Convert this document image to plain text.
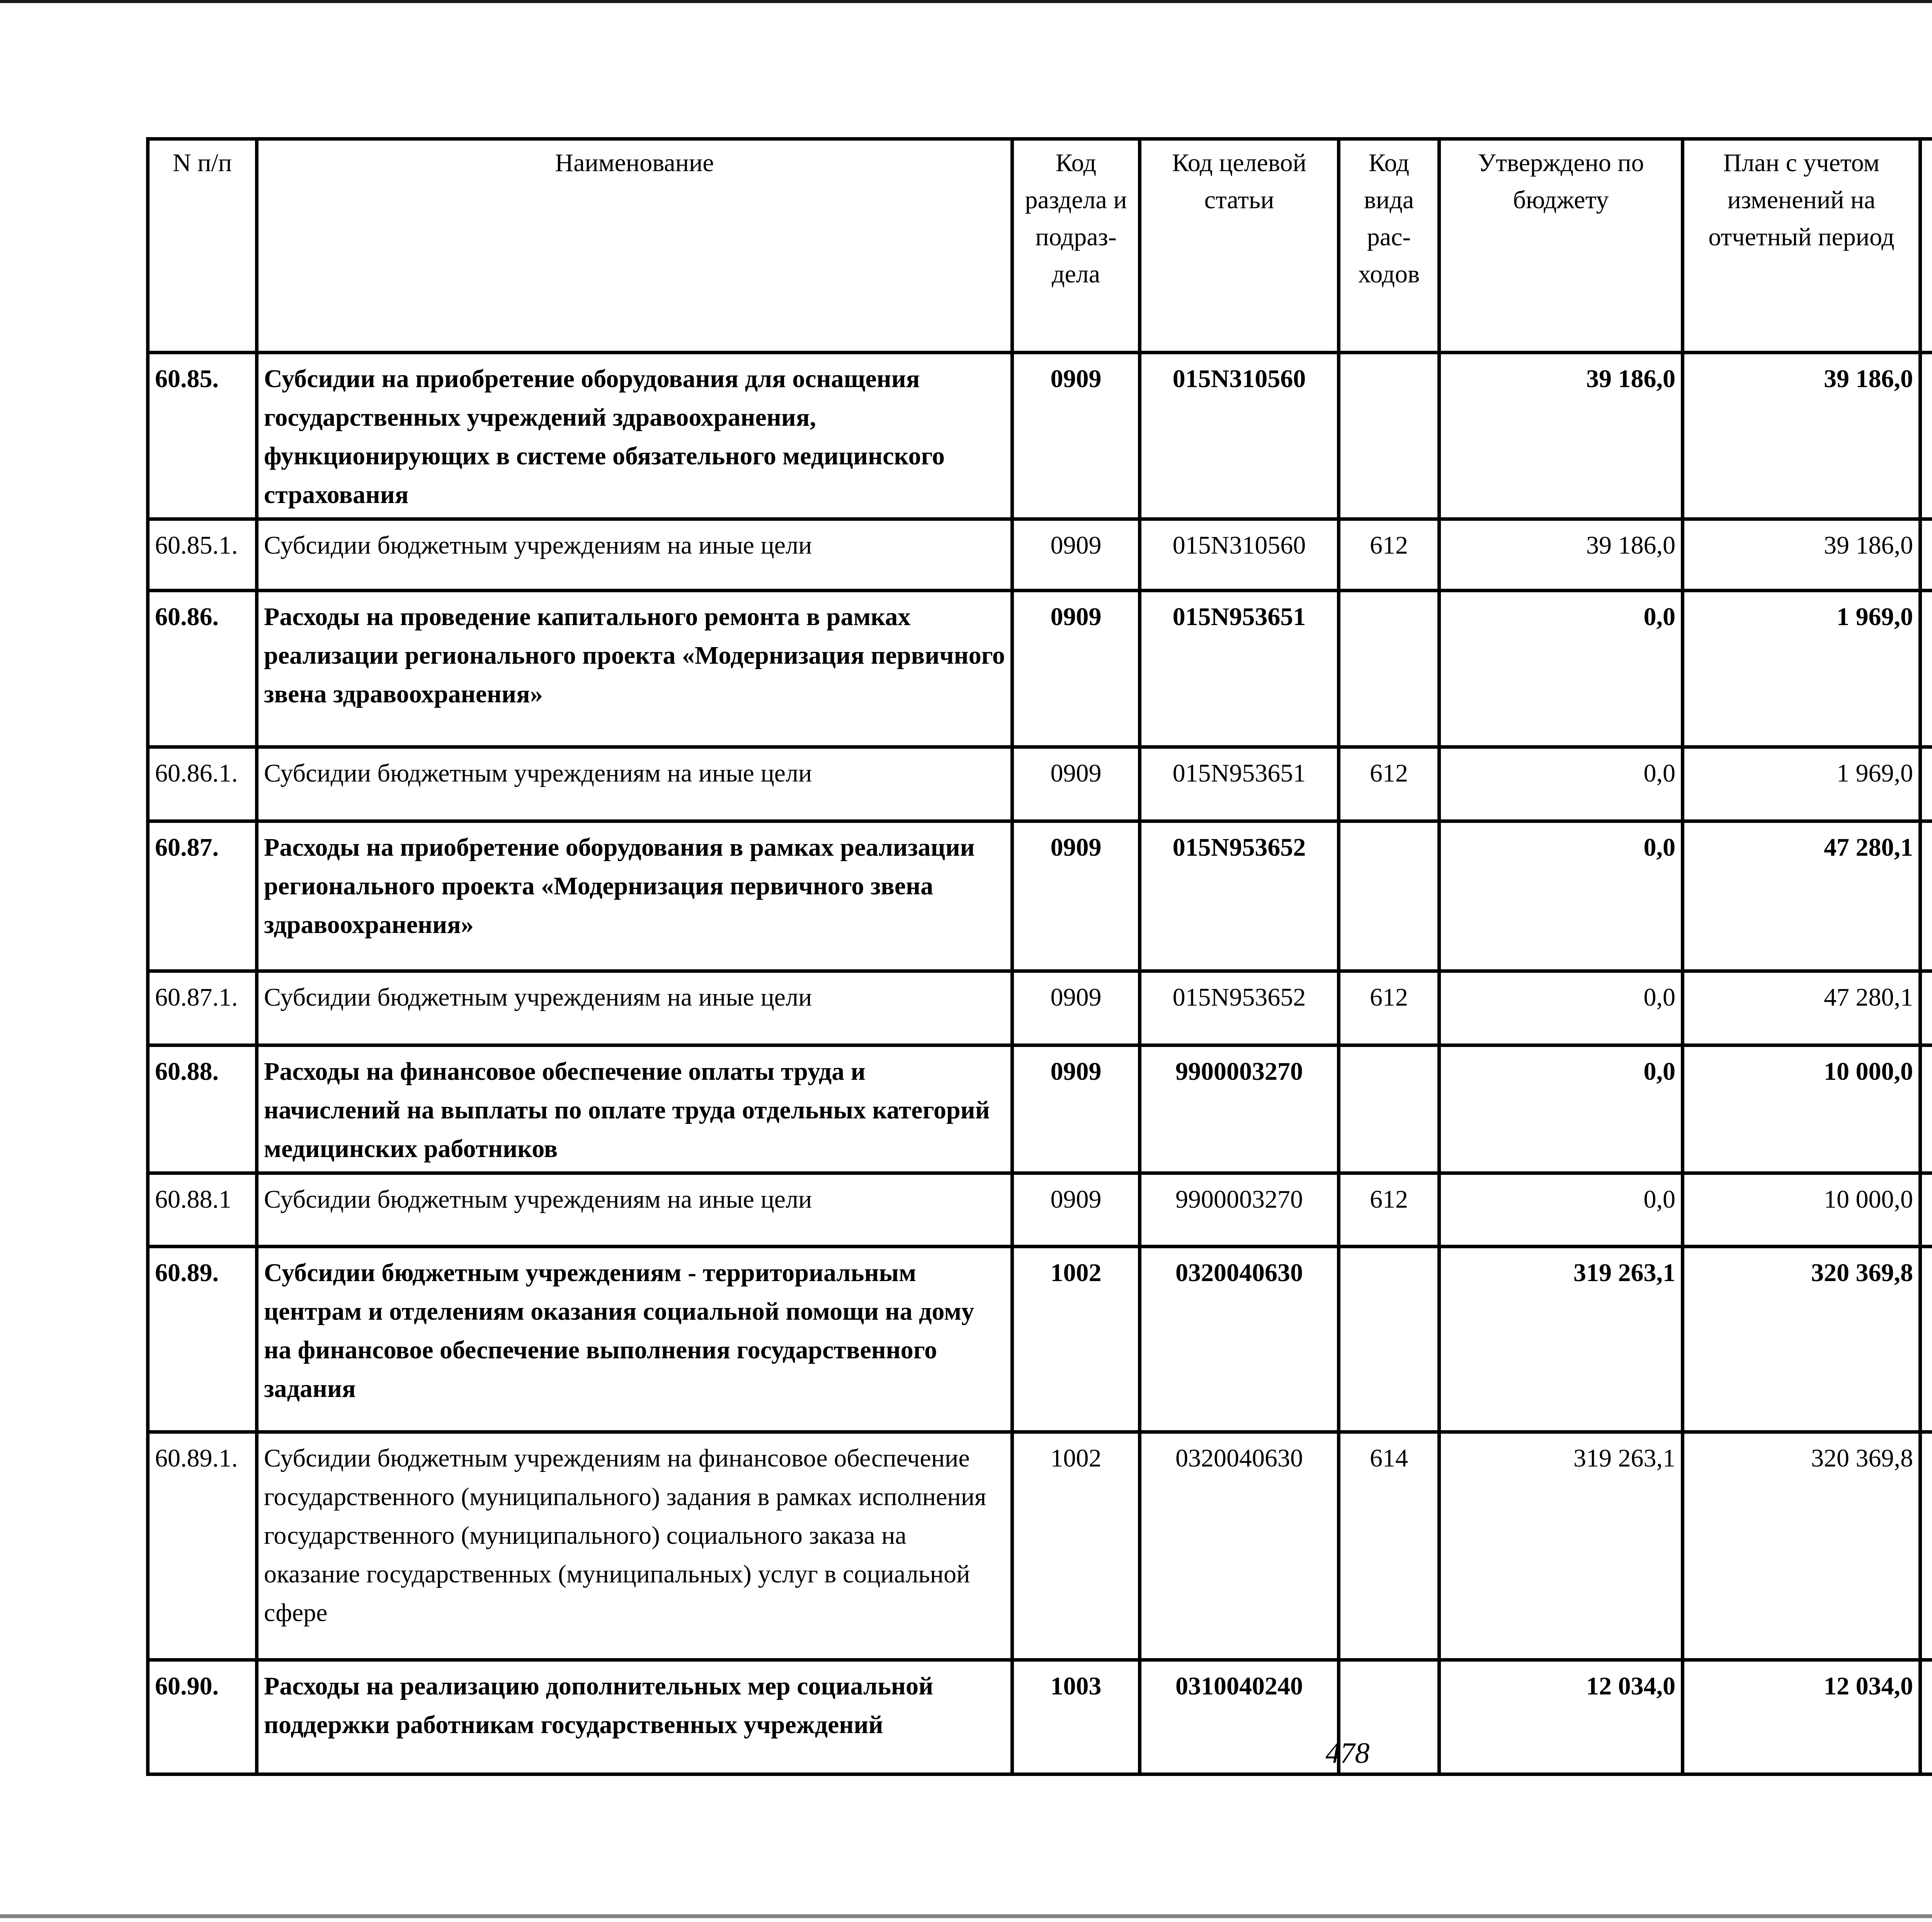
N п/п	Наименование	Код раздела и подраз-дела	Код целевой статьи	Код вида рас-ходов	Утверждено по бюджету	План с учетом изменений на отчетный период		

60.85.	Субсидии на приобретение оборудования для оснащения государственных учреждений здравоохранения, функционирующих в системе обязательного медицинского страхования	0909	015N310560		39 186,0	39 186,0			
60.85.1.	Субсидии бюджетным учреждениям на иные цели	0909	015N310560	612	39 186,0	39 186,0			
60.86.	Расходы на проведение капитального ремонта в рамках реализации регионального проекта «Модернизация первичного звена здравоохранения»	0909	015N953651		0,0	1 969,0			
60.86.1.	Субсидии бюджетным учреждениям на иные цели	0909	015N953651	612	0,0	1 969,0			
60.87.	Расходы на приобретение оборудования в рамках реализации регионального проекта «Модернизация первичного звена здравоохранения»	0909	015N953652		0,0	47 280,1			
60.87.1.	Субсидии бюджетным учреждениям на иные цели	0909	015N953652	612	0,0	47 280,1			
60.88.	Расходы на финансовое обеспечение оплаты труда и начислений на выплаты по оплате труда отдельных категорий медицинских работников	0909	9900003270		0,0	10 000,0			
60.88.1	Субсидии бюджетным учреждениям на иные цели	0909	9900003270	612	0,0	10 000,0			
60.89.	Субсидии бюджетным учреждениям - территориальным центрам и отделениям оказания социальной помощи на дому на финансовое обеспечение выполнения государственного задания	1002	0320040630		319 263,1	320 369,8			
60.89.1.	Субсидии бюджетным учреждениям на финансовое обеспечение государственного (муниципального) задания в рамках исполнения государственного (муниципального) социального заказа на оказание государственных (муниципальных) услуг в социальной сфере	1002	0320040630	614	319 263,1	320 369,8			
60.90.	Расходы на реализацию дополнительных мер социальной поддержки работникам государственных учреждений	1003	0310040240		12 034,0	12 034,0			
478
